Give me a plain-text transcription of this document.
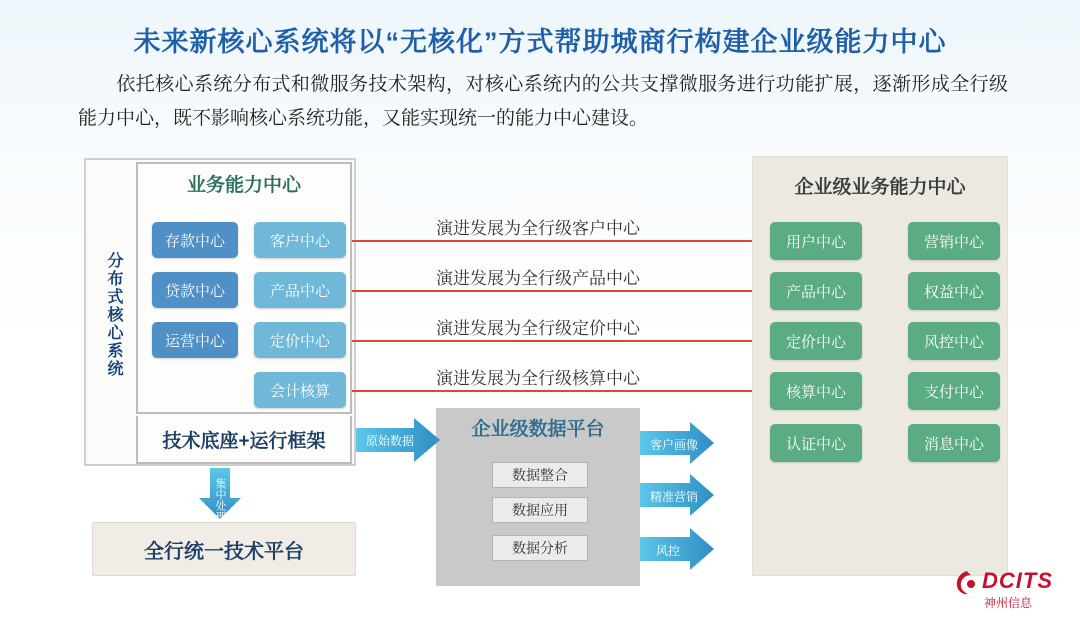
未来新核心系统将以“无核化”方式帮助城商行构建企业级能力中心
依托核心系统分布式和微服务技术架构，对核心系统内的公共支撑微服务进行功能扩展，逐渐形成全行级能力中心，既不影响核心系统功能，又能实现统一的能力中心建设。
分布式核心系统
业务能力中心
存款中心
贷款中心
运营中心
客户中心
产品中心
定价中心
会计核算
技术底座+运行框架
演进发展为全行级客户中心
演进发展为全行级产品中心
演进发展为全行级定价中心
演进发展为全行级核算中心
企业级业务能力中心
用户中心
产品中心
定价中心
核算中心
认证中心
营销中心
权益中心
风控中心
支付中心
消息中心
企业级数据平台
数据整合
数据应用
数据分析
原始数据
集中处理
全行统一技术平台
客户画像
精准营销
风控
DCITS
神州信息
